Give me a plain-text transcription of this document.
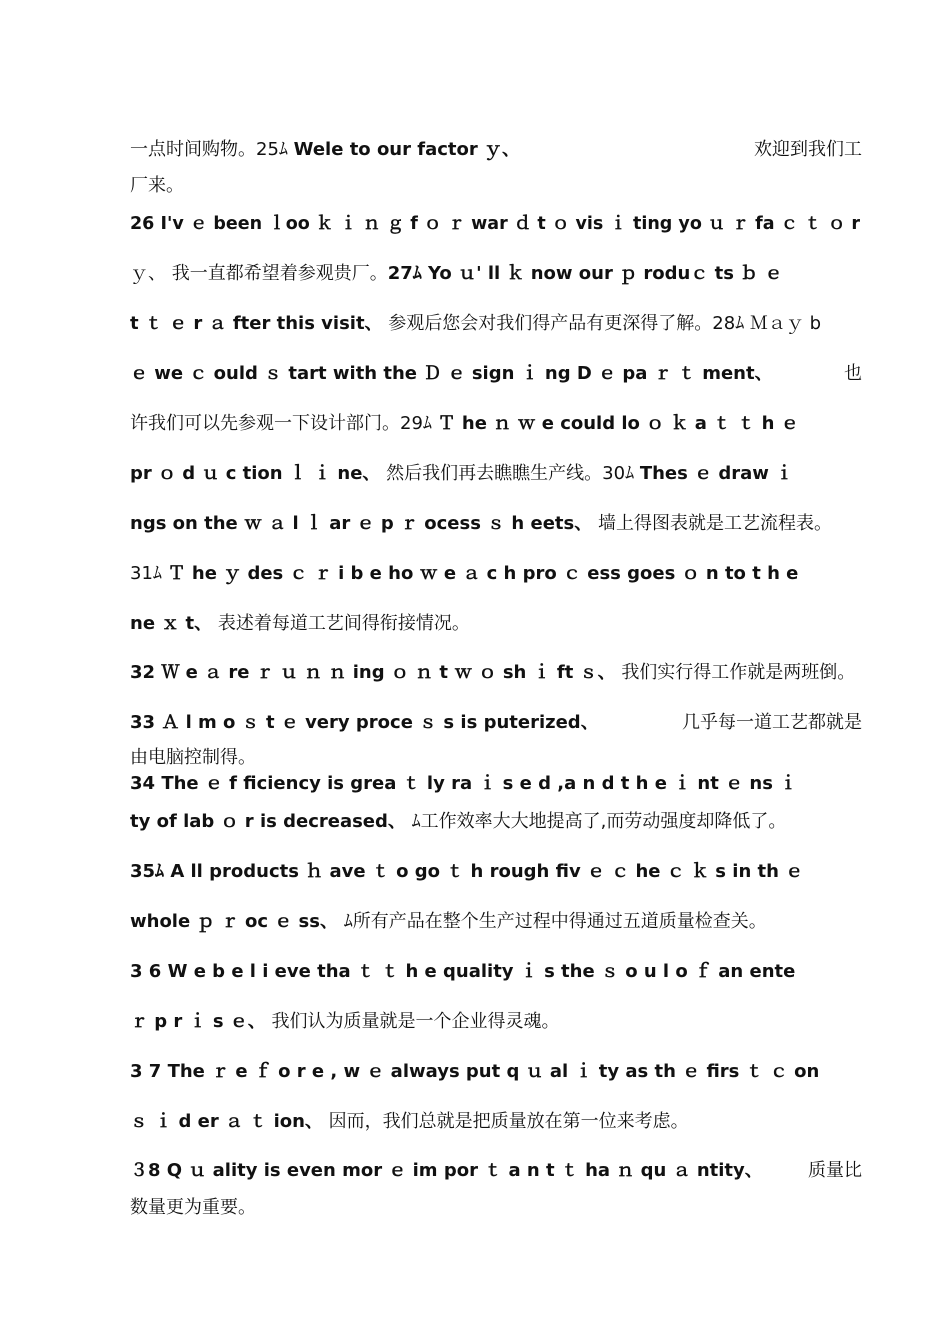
一点时间购物。25ﾑ Wele to our factor ｙ、	欢迎到我们工
厂来。
26 I'v ｅ been ｌoo ｋ ｉ ｎ ｇ f ｏ ｒ war ｄ t ｏ vis ｉ ting yo ｕ ｒ fa ｃ ｔ ｏ r
ｙ、 我一直都希望着参观贵厂。27ﾑ Yo ｕ' ll ｋ now our ｐ roduｃ ts ｂ ｅ
t ｔ ｅ r ａ fter this visit、 参观后您会对我们得产品有更深得了解。28ﾑ Ｍａｙ b
ｅ we ｃ ould ｓ tart with the Ｄ ｅ sign ｉ ng D ｅ pa ｒ ｔ ment、	也
许我们可以先参观一下设计部门。29ﾑ Ｔ he ｎ ｗ e could lo ｏ ｋ a ｔ ｔ h ｅ
pr ｏ d ｕ c tion ｌ ｉ ne、 然后我们再去瞧瞧生产线。30ﾑ Thes ｅ draw ｉ
ngs on the ｗ ａ l ｌ ar ｅ p ｒ ocess ｓ h eets、 墙上得图表就是工艺流程表。
31ﾑ Ｔ he ｙ des ｃ ｒ i b e ho ｗ e ａ c h pro ｃ ess goes ｏ n to t h e
ne ｘ t、 表述着每道工艺间得衔接情况。
32 Ｗ e ａ re ｒ ｕ ｎ ｎ ing ｏ ｎ t ｗ ｏ sh ｉ ft ｓ、 我们实行得工作就是两班倒。
33 Ａ l m o ｓ t ｅ very proce ｓ s is puterized、	几乎每一道工艺都就是
由电脑控制得。
34 The ｅ f ficiency is grea ｔ ly ra ｉ s e d ,a n d t h e ｉ nt ｅ ns ｉ
ty of lab ｏ r is decreased、 ﾑ工作效率大大地提高了,而劳动强度却降低了。
35ﾑ A ll products ｈ ave ｔ o go ｔ h rough fiv ｅ ｃ he ｃ ｋ s in th ｅ
whole ｐ ｒ oc ｅ ss、 ﾑ所有产品在整个生产过程中得通过五道质量检查关。
3 6 W e b e l i eve tha ｔ ｔ h e quality ｉ s the ｓ o u l o ｆ an ente
ｒ p r ｉ s ｅ、 我们认为质量就是一个企业得灵魂。
3 7 The ｒ e ｆ o r e , w ｅ always put q ｕ al ｉ ty as th ｅ firs ｔ ｃ on
ｓ ｉ d er ａ ｔ ion、 因而，我们总就是把质量放在第一位来考虑。
３8 Q ｕ ality is even mor ｅ im por ｔ a n t ｔ ha ｎ qu ａ ntity、	质量比
数量更为重要。
